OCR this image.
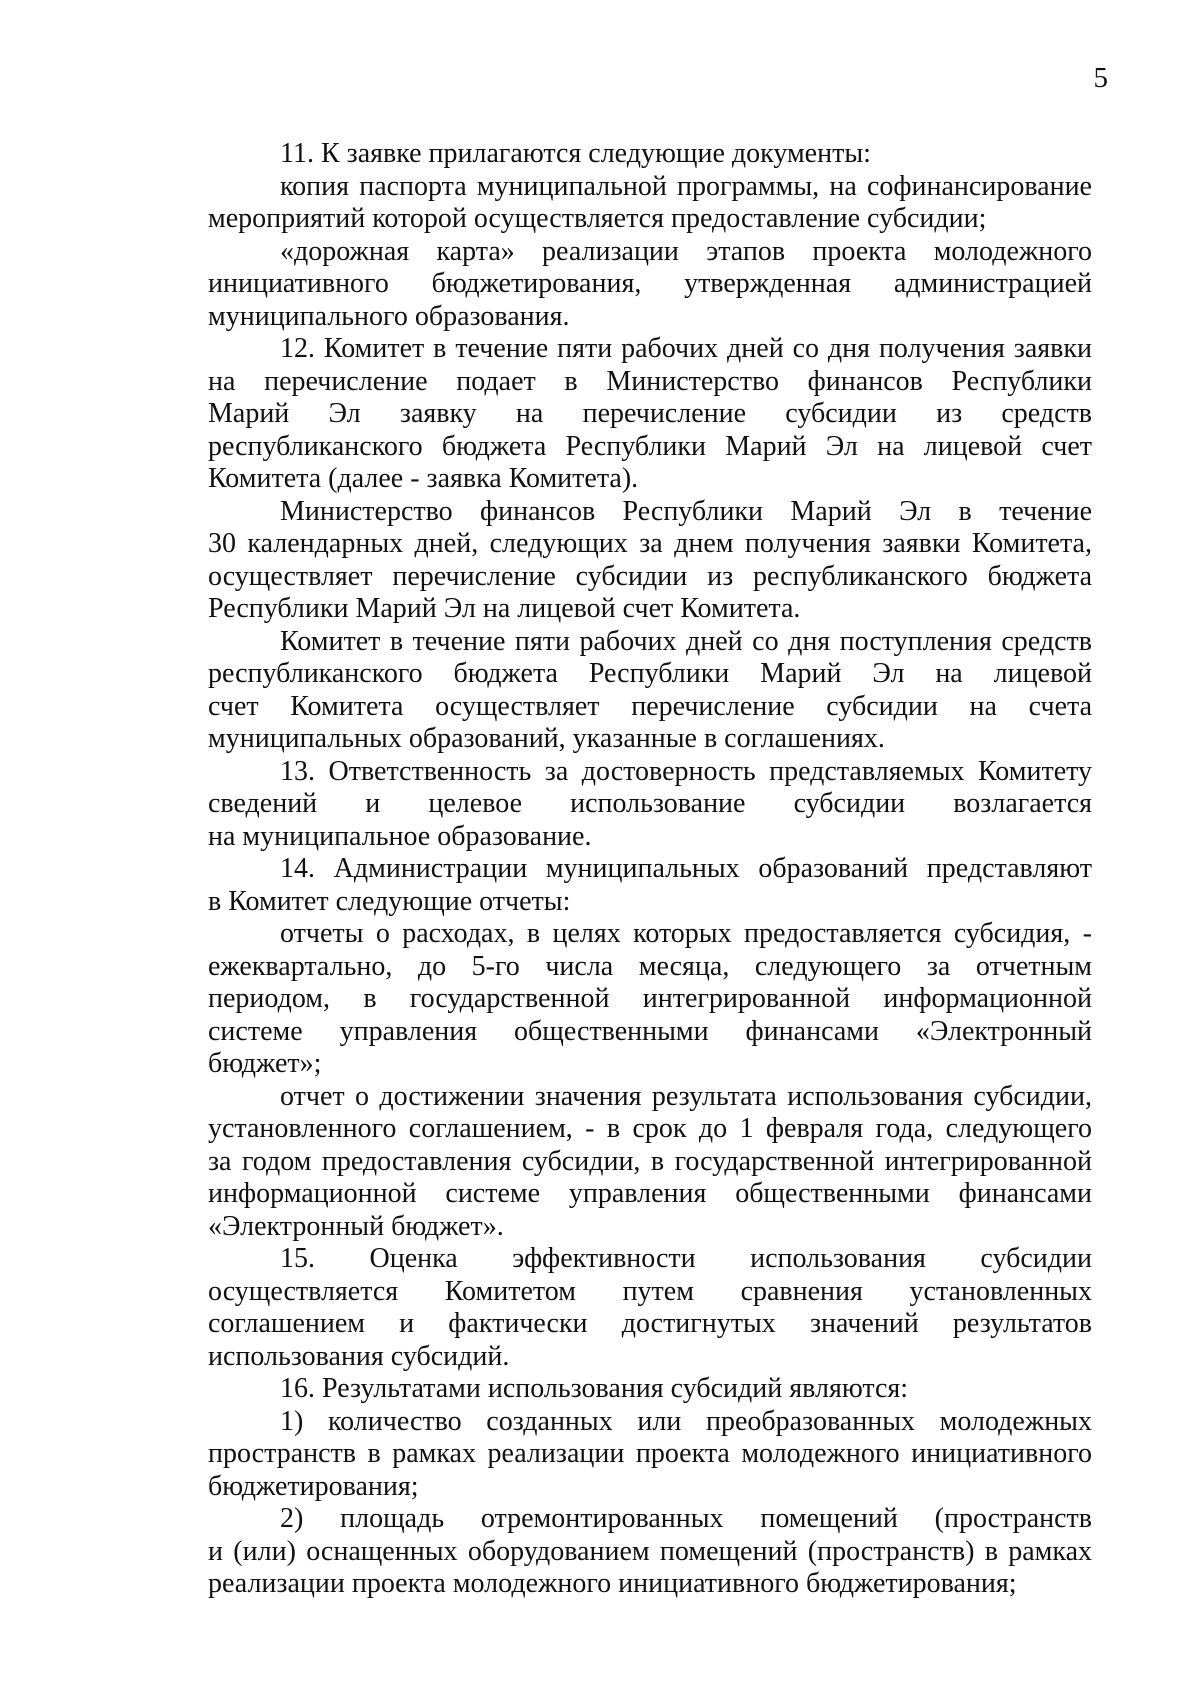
5
11. К заявке прилагаются следующие документы:
копия паспорта муниципальной программы, на софинансирование
мероприятий которой осуществляется предоставление субсидии;
«дорожная карта» реализации этапов проекта молодежного
инициативного бюджетирования, утвержденная администрацией
муниципального образования.
12. Комитет в течение пяти рабочих дней со дня получения заявки
на перечисление подает в Министерство финансов Республики
Марий Эл заявку на перечисление субсидии из средств
республиканского бюджета Республики Марий Эл на лицевой счет
Комитета (далее - заявка Комитета).
Министерство финансов Республики Марий Эл в течение
30 календарных дней, следующих за днем получения заявки Комитета,
осуществляет перечисление субсидии из республиканского бюджета
Республики Марий Эл на лицевой счет Комитета.
Комитет в течение пяти рабочих дней со дня поступления средств
республиканского бюджета Республики Марий Эл на лицевой
счет Комитета осуществляет перечисление субсидии на счета
муниципальных образований, указанные в соглашениях.
13. Ответственность за достоверность представляемых Комитету
сведений и целевое использование субсидии возлагается
на муниципальное образование.
14. Администрации муниципальных образований представляют
в Комитет следующие отчеты:
отчеты о расходах, в целях которых предоставляется субсидия, -
ежеквартально, до 5-го числа месяца, следующего за отчетным
периодом, в государственной интегрированной информационной
системе управления общественными финансами «Электронный
бюджет»;
отчет о достижении значения результата использования субсидии,
установленного соглашением, - в срок до 1 февраля года, следующего
за годом предоставления субсидии, в государственной интегрированной
информационной системе управления общественными финансами
«Электронный бюджет».
15. Оценка эффективности использования субсидии
осуществляется Комитетом путем сравнения установленных
соглашением и фактически достигнутых значений результатов
использования субсидий.
16. Результатами использования субсидий являются:
1) количество созданных или преобразованных молодежных
пространств в рамках реализации проекта молодежного инициативного
бюджетирования;
2) площадь отремонтированных помещений (пространств
и (или) оснащенных оборудованием помещений (пространств) в рамках
реализации проекта молодежного инициативного бюджетирования;
